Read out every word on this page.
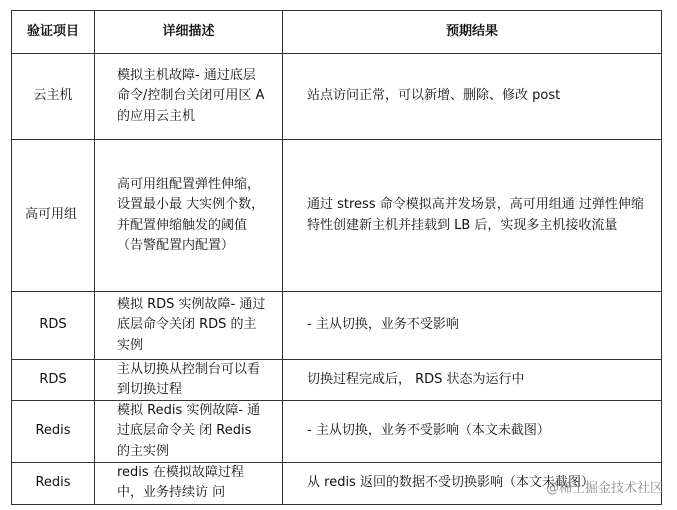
验证项目	详细描述	预期结果
云主机	模拟主机故障- 通过底层命令/控制台关闭可用区 A 的应用云主机	站点访问正常，可以新增、删除、修改 post
高可用组	高可用组配置弹性伸缩，设置最小最 大实例个数，并配置伸缩触发的阈值（告警配置内配置）	通过 stress 命令模拟高并发场景，高可用组通 过弹性伸缩特性创建新主机并挂载到 LB 后，实现多主机接收流量
RDS	模拟 RDS 实例故障- 通过底层命令关闭 RDS 的主实例	- 主从切换，业务不受影响
RDS	主从切换从控制台可以看到切换过程	切换过程完成后， RDS 状态为运行中
Redis	模拟 Redis 实例故障- 通过底层命令关 闭 Redis 的主实例	- 主从切换，业务不受影响（本文未截图）
Redis	redis 在模拟故障过程中，业务持续访 问	从 redis 返回的数据不受切换影响（本文未截图）
@稀土掘金技术社区
